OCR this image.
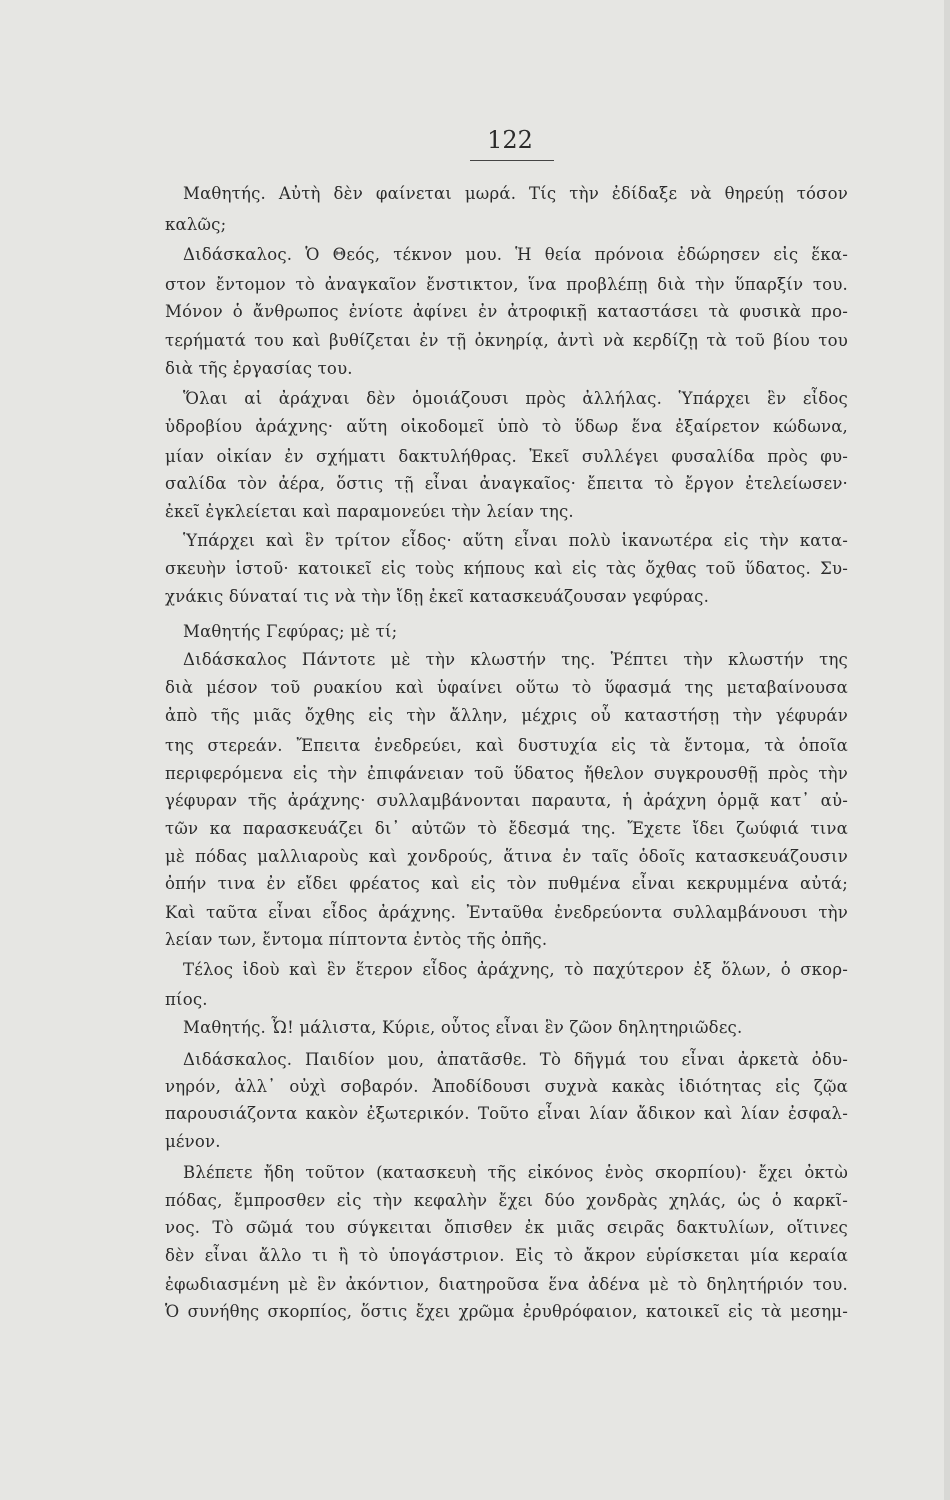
122
Μαθητής. Αὐτὴ δὲν φαίνεται μωρά. Τίς τὴν ἐδίδαξε νὰ θηρεύῃ τόσον
καλῶς;
Διδάσκαλος. Ὁ Θεός, τέκνον μου. Ἡ θεία πρόνοια ἐδώρησεν εἰς ἕκα-
στον ἔντομον τὸ ἀναγκαῖον ἔνστικτον, ἵνα προβλέπῃ διὰ τὴν ὕπαρξίν του.
Μόνον ὁ ἄνθρωπος ἐνίοτε ἀφίνει ἐν ἀτροφικῇ καταστάσει τὰ φυσικὰ προ-
τερήματά του καὶ βυθίζεται ἐν τῇ ὀκνηρίᾳ, ἀντὶ νὰ κερδίζῃ τὰ τοῦ βίου του
διὰ τῆς ἐργασίας του.
Ὅλαι αἱ ἀράχναι δὲν ὁμοιάζουσι πρὸς ἀλλήλας. Ὑπάρχει ἓν εἶδος
ὑδροβίου ἀράχνης· αὕτη οἰκοδομεῖ ὑπὸ τὸ ὕδωρ ἕνα ἐξαίρετον κώδωνα,
μίαν οἰκίαν ἐν σχήματι δακτυλήθρας. Ἐκεῖ συλλέγει φυσαλίδα πρὸς φυ-
σαλίδα τὸν ἀέρα, ὅστις τῇ εἶναι ἀναγκαῖος· ἔπειτα τὸ ἔργον ἐτελείωσεν·
ἐκεῖ ἐγκλείεται καὶ παραμονεύει τὴν λείαν της.
Ὑπάρχει καὶ ἓν τρίτον εἶδος· αὕτη εἶναι πολὺ ἱκανωτέρα εἰς τὴν κατα-
σκευὴν ἱστοῦ· κατοικεῖ εἰς τοὺς κήπους καὶ εἰς τὰς ὄχθας τοῦ ὕδατος. Συ-
χνάκις δύναταί τις νὰ τὴν ἴδῃ ἐκεῖ κατασκευάζουσαν γεφύρας.
Μαθητής Γεφύρας; μὲ τί;
Διδάσκαλος Πάντοτε μὲ τὴν κλωστήν της. Ῥέπτει τὴν κλωστήν της
διὰ μέσον τοῦ ρυακίου καὶ ὑφαίνει οὕτω τὸ ὕφασμά της μεταβαίνουσα
ἀπὸ τῆς μιᾶς ὄχθης εἰς τὴν ἄλλην, μέχρις οὗ καταστήσῃ τὴν γέφυράν
της στερεάν. Ἔπειτα ἐνεδρεύει, καὶ δυστυχία εἰς τὰ ἔντομα, τὰ ὁποῖα
περιφερόμενα εἰς τὴν ἐπιφάνειαν τοῦ ὕδατος ἤθελον συγκρουσθῇ πρὸς τὴν
γέφυραν τῆς ἀράχνης· συλλαμβάνονται παραυτα, ἡ ἀράχνη ὁρμᾷ κατ᾽ αὐ-
τῶν κα παρασκευάζει δι᾽ αὐτῶν τὸ ἔδεσμά της. Ἔχετε ἴδει ζωύφιά τινα
μὲ πόδας μαλλιαροὺς καὶ χονδρούς, ἅτινα ἐν ταῖς ὁδοῖς κατασκευάζουσιν
ὀπήν τινα ἐν εἴδει φρέατος καὶ εἰς τὸν πυθμένα εἶναι κεκρυμμένα αὐτά;
Καὶ ταῦτα εἶναι εἶδος ἀράχνης. Ἐνταῦθα ἐνεδρεύοντα συλλαμβάνουσι τὴν
λείαν των, ἔντομα πίπτοντα ἐντὸς τῆς ὀπῆς.
Τέλος ἰδοὺ καὶ ἓν ἕτερον εἶδος ἀράχνης, τὸ παχύτερον ἐξ ὅλων, ὁ σκορ-
πίος.
Μαθητής. Ὦ! μάλιστα, Κύριε, οὗτος εἶναι ἓν ζῶον δηλητηριῶδες.
Διδάσκαλος. Παιδίον μου, ἀπατᾶσθε. Τὸ δῆγμά του εἶναι ἀρκετὰ ὀδυ-
νηρόν, ἀλλ᾽ οὐχὶ σοβαρόν. Ἀποδίδουσι συχνὰ κακὰς ἰδιότητας εἰς ζῷα
παρουσιάζοντα κακὸν ἐξωτερικόν. Τοῦτο εἶναι λίαν ἄδικον καὶ λίαν ἐσφαλ-
μένον.
Βλέπετε ἤδη τοῦτον (κατασκευὴ τῆς εἰκόνος ἑνὸς σκορπίου)· ἔχει ὀκτὼ
πόδας, ἔμπροσθεν εἰς τὴν κεφαλὴν ἔχει δύο χονδρὰς χηλάς, ὡς ὁ καρκῖ-
νος. Τὸ σῶμά του σύγκειται ὄπισθεν ἐκ μιᾶς σειρᾶς δακτυλίων, οἵτινες
δὲν εἶναι ἄλλο τι ἢ τὸ ὑπογάστριον. Εἰς τὸ ἄκρον εὑρίσκεται μία κεραία
ἐφωδιασμένη μὲ ἓν ἀκόντιον, διατηροῦσα ἕνα ἀδένα μὲ τὸ δηλητήριόν του.
Ὁ συνήθης σκορπίος, ὅστις ἔχει χρῶμα ἐρυθρόφαιον, κατοικεῖ εἰς τὰ μεσημ-
